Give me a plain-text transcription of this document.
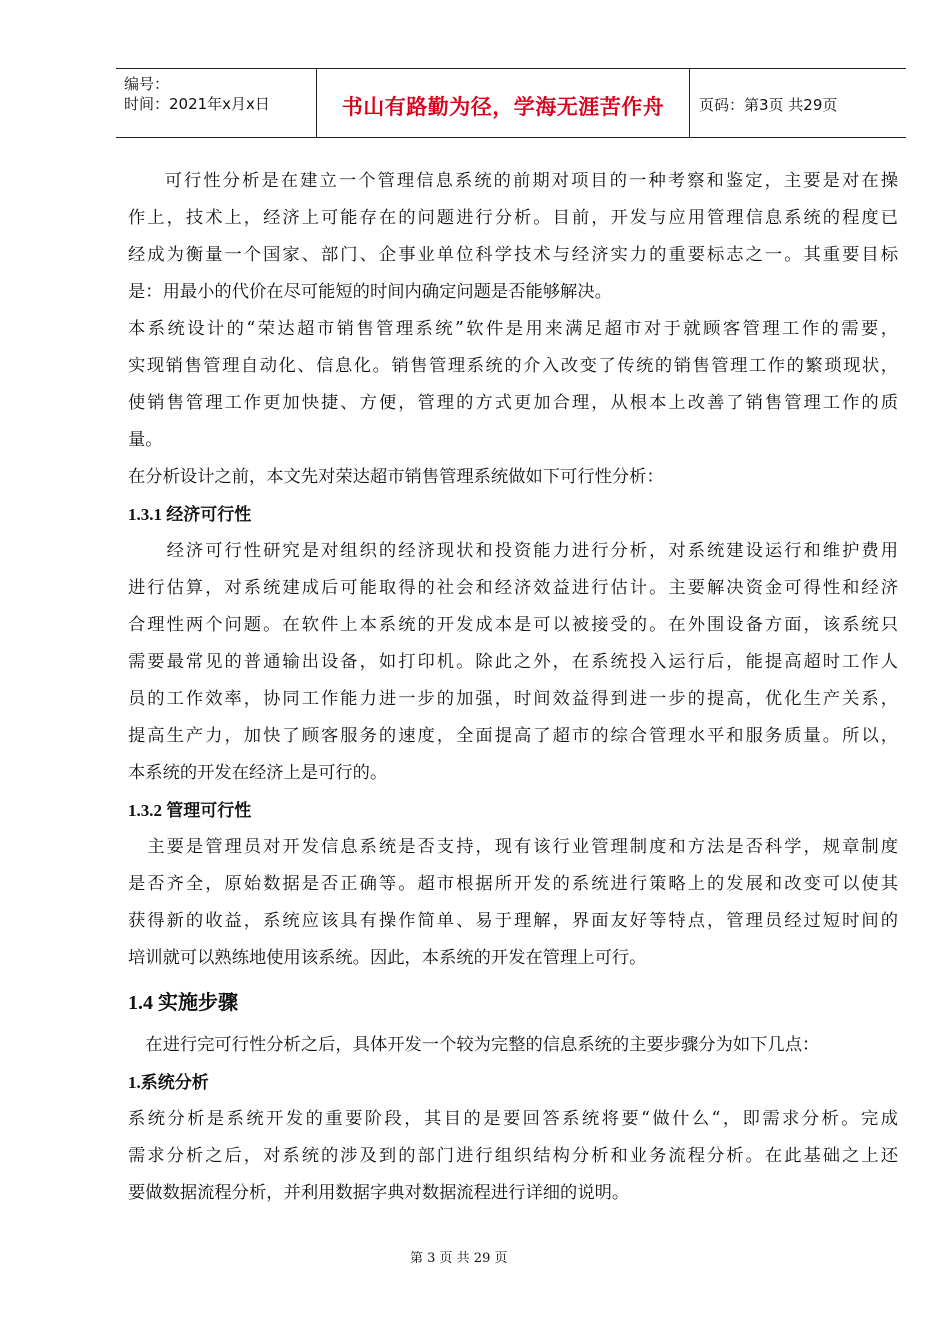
编号：
时间：2021年x月x日	书山有路勤为径，学海无涯苦作舟	页码：第3页 共29页
　　可行性分析是在建立一个管理信息系统的前期对项目的一种考察和鉴定，主要是对在操
作上，技术上，经济上可能存在的问题进行分析。目前，开发与应用管理信息系统的程度已
经成为衡量一个国家、部门、企事业单位科学技术与经济实力的重要标志之一。其重要目标
是：用最小的代价在尽可能短的时间内确定问题是否能够解决。
本系统设计的“荣达超市销售管理系统”软件是用来满足超市对于就顾客管理工作的需要，
实现销售管理自动化、信息化。销售管理系统的介入改变了传统的销售管理工作的繁琐现状，
使销售管理工作更加快捷、方便，管理的方式更加合理，从根本上改善了销售管理工作的质
量。
在分析设计之前，本文先对荣达超市销售管理系统做如下可行性分析：
1.3.1 经济可行性
　　经济可行性研究是对组织的经济现状和投资能力进行分析，对系统建设运行和维护费用
进行估算，对系统建成后可能取得的社会和经济效益进行估计。主要解决资金可得性和经济
合理性两个问题。在软件上本系统的开发成本是可以被接受的。在外围设备方面，该系统只
需要最常见的普通输出设备，如打印机。除此之外，在系统投入运行后，能提高超时工作人
员的工作效率，协同工作能力进一步的加强，时间效益得到进一步的提高，优化生产关系，
提高生产力，加快了顾客服务的速度，全面提高了超市的综合管理水平和服务质量。所以，
本系统的开发在经济上是可行的。
1.3.2 管理可行性
　主要是管理员对开发信息系统是否支持，现有该行业管理制度和方法是否科学，规章制度
是否齐全，原始数据是否正确等。超市根据所开发的系统进行策略上的发展和改变可以使其
获得新的收益，系统应该具有操作简单、易于理解，界面友好等特点，管理员经过短时间的
培训就可以熟练地使用该系统。因此，本系统的开发在管理上可行。
1.4 实施步骤
　在进行完可行性分析之后，具体开发一个较为完整的信息系统的主要步骤分为如下几点：
1.系统分析
系统分析是系统开发的重要阶段，其目的是要回答系统将要“做什么“，即需求分析。完成
需求分析之后，对系统的涉及到的部门进行组织结构分析和业务流程分析。在此基础之上还
要做数据流程分析，并利用数据字典对数据流程进行详细的说明。
第 3 页 共 29 页
